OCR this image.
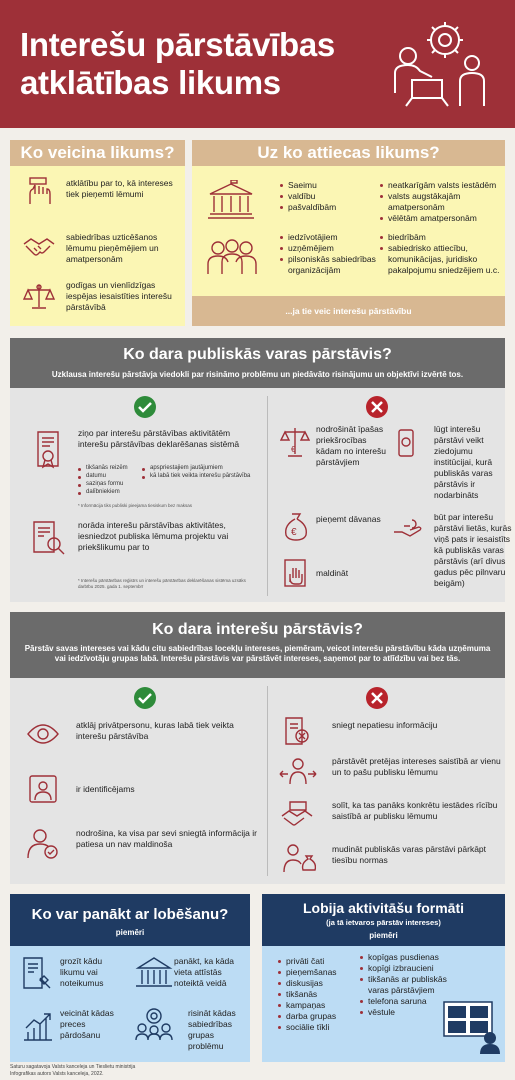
Interešu pārstāvības
atklātības likums
Ko veicina likums?
atklātību par to, kā intereses tiek pieņemti lēmumi
sabiedrības uzticēšanos lēmumu pieņēmējiem un amatpersonām
godīgas un vienlīdzīgas iespējas iesaistīties interešu pārstāvībā
Uz ko attiecas likums?
Saeimu
valdību
pašvaldībām
neatkarīgām valsts iestādēm
valsts augstākajām amatpersonām
vēlētām amatpersonām
iedzīvotājiem
uzņēmējiem
pilsoniskās sabiedrības organizācijām
biedrībām
sabiedrisko attiecību, komunikācijas, juridisko pakalpojumu sniedzējiem u.c.
...ja tie veic interešu pārstāvību
Ko dara publiskās varas pārstāvis?
Uzklausa interešu pārstāvja viedokli par risināmo problēmu un piedāvāto risinājumu un objektīvi izvērtē tos.
ziņo par interešu pārstāvības aktivitātēm interešu pārstāvības deklarēšanas sistēmā
tikšanās reizēm
datumu
saziņas formu
dalībniekiem
apspriestajiem jautājumiem
kā labā tiek veikta interešu pārstāvība
* Informācija tiks publiski pieejama tiesiskum bez maksas
norāda interešu pārstāvības aktivitātes, iesniedzot publiska lēmuma projektu vai priekšlikumu par to
* Interešu pārstāvības reģistrs un interešu pārstāvības deklarēšanas sistēma uzsāks darbību 2025. gada 1. septembrī
€
nodrošināt īpašas priekšrocības kādam no interešu pārstāvjiem
lūgt interešu pārstāvi veikt ziedojumu institūcijai, kurā publiskās varas pārstāvis ir nodarbināts
€
pieņemt dāvanas	būt par interešu pārstāvi lietās, kurās viņš pats ir iesaistīts kā publiskās varas pārstāvis (arī divus gadus pēc pilnvaru beigām)
maldināt
Ko dara interešu pārstāvis?
Pārstāv savas intereses vai kādu citu sabiedrības locekļu intereses, piemēram, veicot interešu pārstāvību kāda uzņēmuma vai iedzīvotāju grupas labā. Interešu pārstāvis var pārstāvēt intereses, saņemot par to atlīdzību vai bez tās.
atklāj privātpersonu, kuras labā tiek veikta interešu pārstāvība
ir identificējams
nodrošina, ka visa par sevi sniegtā informācija ir patiesa un nav maldinoša
sniegt nepatiesu informāciju
pārstāvēt pretējas intereses saistībā ar vienu un to pašu publisku lēmumu
solīt, ka tas panāks konkrētu iestādes rīcību saistībā ar publisku lēmumu
mudināt publiskās varas pārstāvi pārkāpt tiesību normas
Ko var panākt ar lobēšanu?
piemēri
grozīt kādu likumu vai noteikumus
panākt, ka kāda vieta attīstās noteiktā veidā
veicināt kādas preces pārdošanu
risināt kādas sabiedrības grupas problēmu
Lobija aktivitāšu formāti
(ja tā ietvaros pārstāv intereses)
piemēri
privāti čati
pieņemšanas
diskusijas
tikšanās
kampaņas
darba grupas
sociālie tīkli
kopīgas pusdienas
kopīgi izbraucieni
tikšanās ar publiskās varas pārstāvjiem
telefona saruna
vēstule
Saturu sagatavoja Valsts kanceleja un Tieslietu ministrija
Infografikas autors Valsts kanceleja, 2022.
